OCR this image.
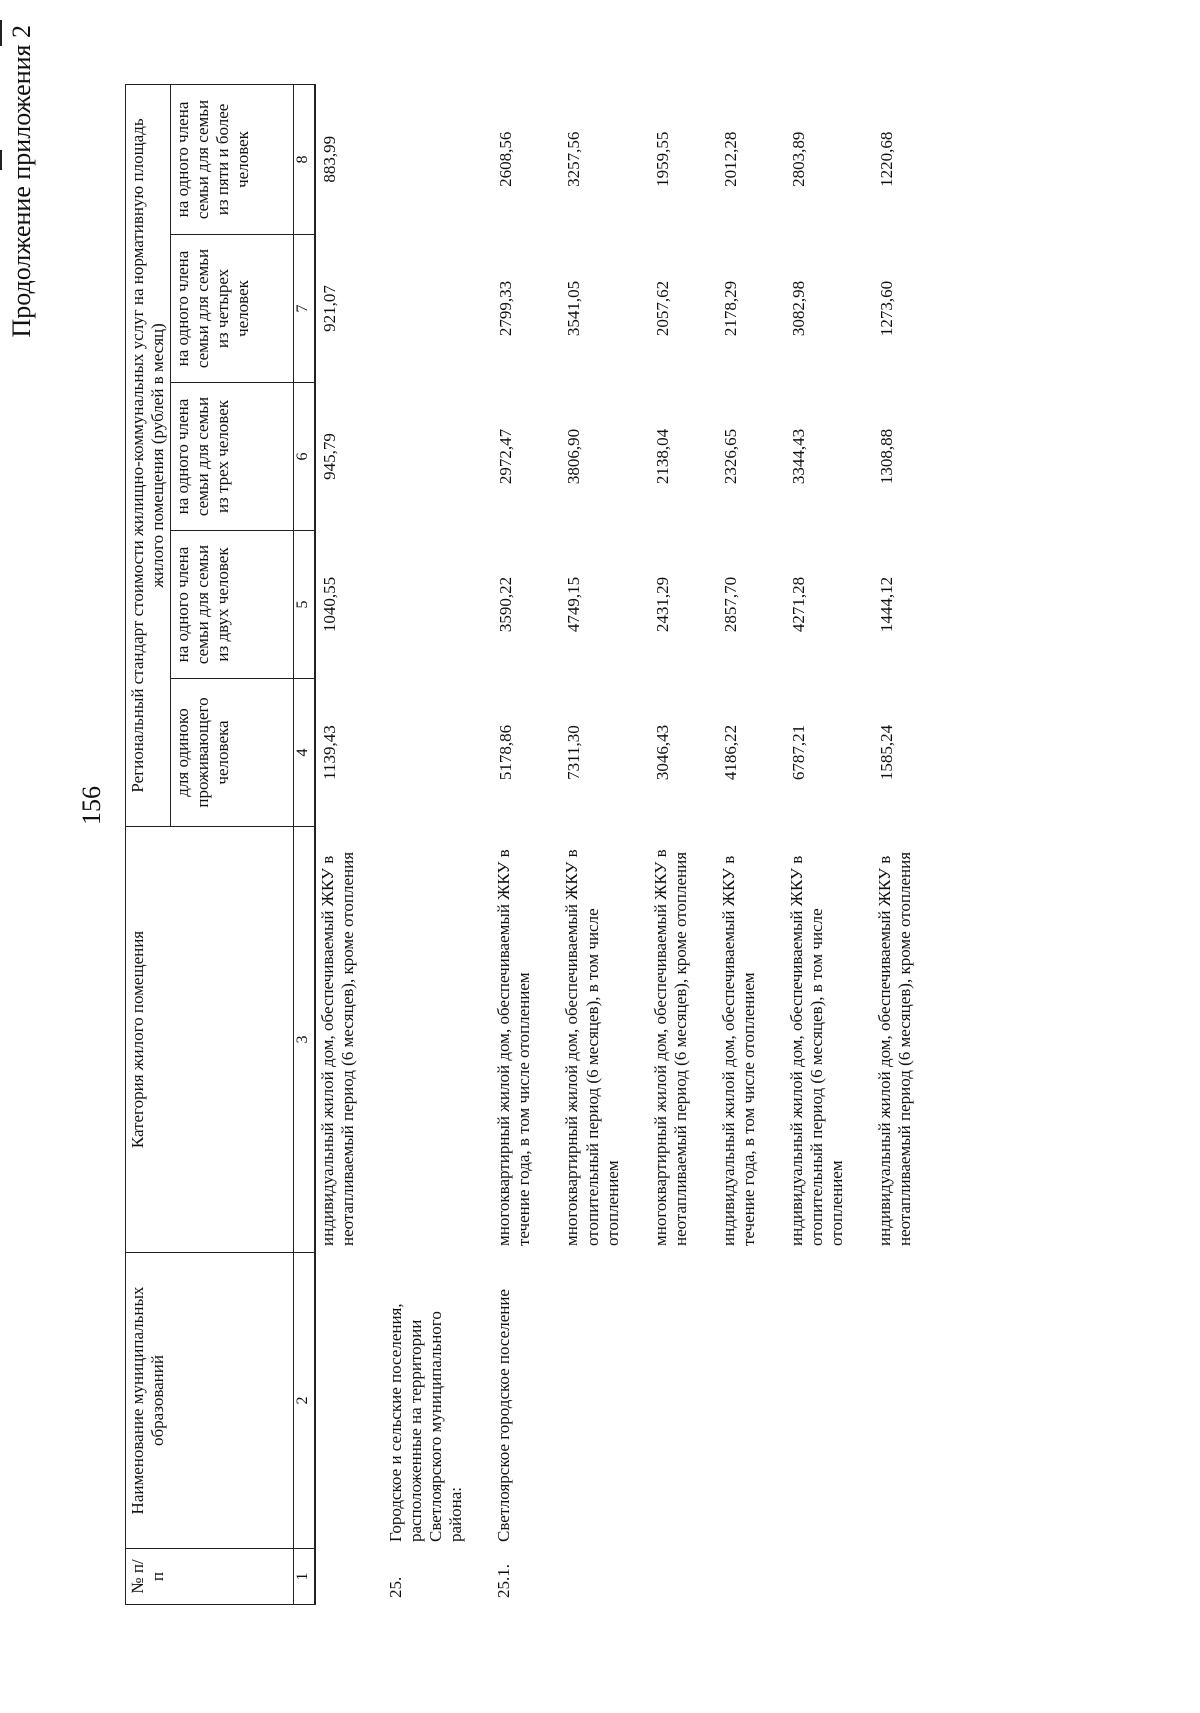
156
Продолжение приложения 2
№ п/п	Наименование муниципальных образований	Категория жилого помещения	Региональный стандарт стоимости жилищно-коммунальных услуг на нормативную площадь жилого помещения (рублей в месяц)				
			для одиноко проживающего человека	на одного члена семьи для семьи из двух человек	на одного члена семьи для семьи из трех человек	на одного члена семьи для семьи из четырех человек	на одного члена семьи для семьи из пяти и более человек
1	2	3	4	5	6	7	8
		индивидуальный жилой дом, обеспечиваемый ЖКУ в неотапливаемый период (6 месяцев), кроме отопления	1139,43	1040,55	945,79	921,07	883,99
25.	Городское и сельские поселения, расположенные на территории Светлоярского муниципального района:						
25.1.	Светлоярское городское поселение	многоквартирный жилой дом, обеспечиваемый ЖКУ в течение года, в том числе отоплением	5178,86	3590,22	2972,47	2799,33	2608,56
		многоквартирный жилой дом, обеспечиваемый ЖКУ в отопительный период (6 месяцев), в том числе отоплением	7311,30	4749,15	3806,90	3541,05	3257,56
		многоквартирный жилой дом, обеспечиваемый ЖКУ в неотапливаемый период (6 месяцев), кроме отопления	3046,43	2431,29	2138,04	2057,62	1959,55
		индивидуальный жилой дом, обеспечиваемый ЖКУ в течение года, в том числе отоплением	4186,22	2857,70	2326,65	2178,29	2012,28
		индивидуальный жилой дом, обеспечиваемый ЖКУ в отопительный период (6 месяцев), в том числе отоплением	6787,21	4271,28	3344,43	3082,98	2803,89
		индивидуальный жилой дом, обеспечиваемый ЖКУ в неотапливаемый период (6 месяцев), кроме отопления	1585,24	1444,12	1308,88	1273,60	1220,68
